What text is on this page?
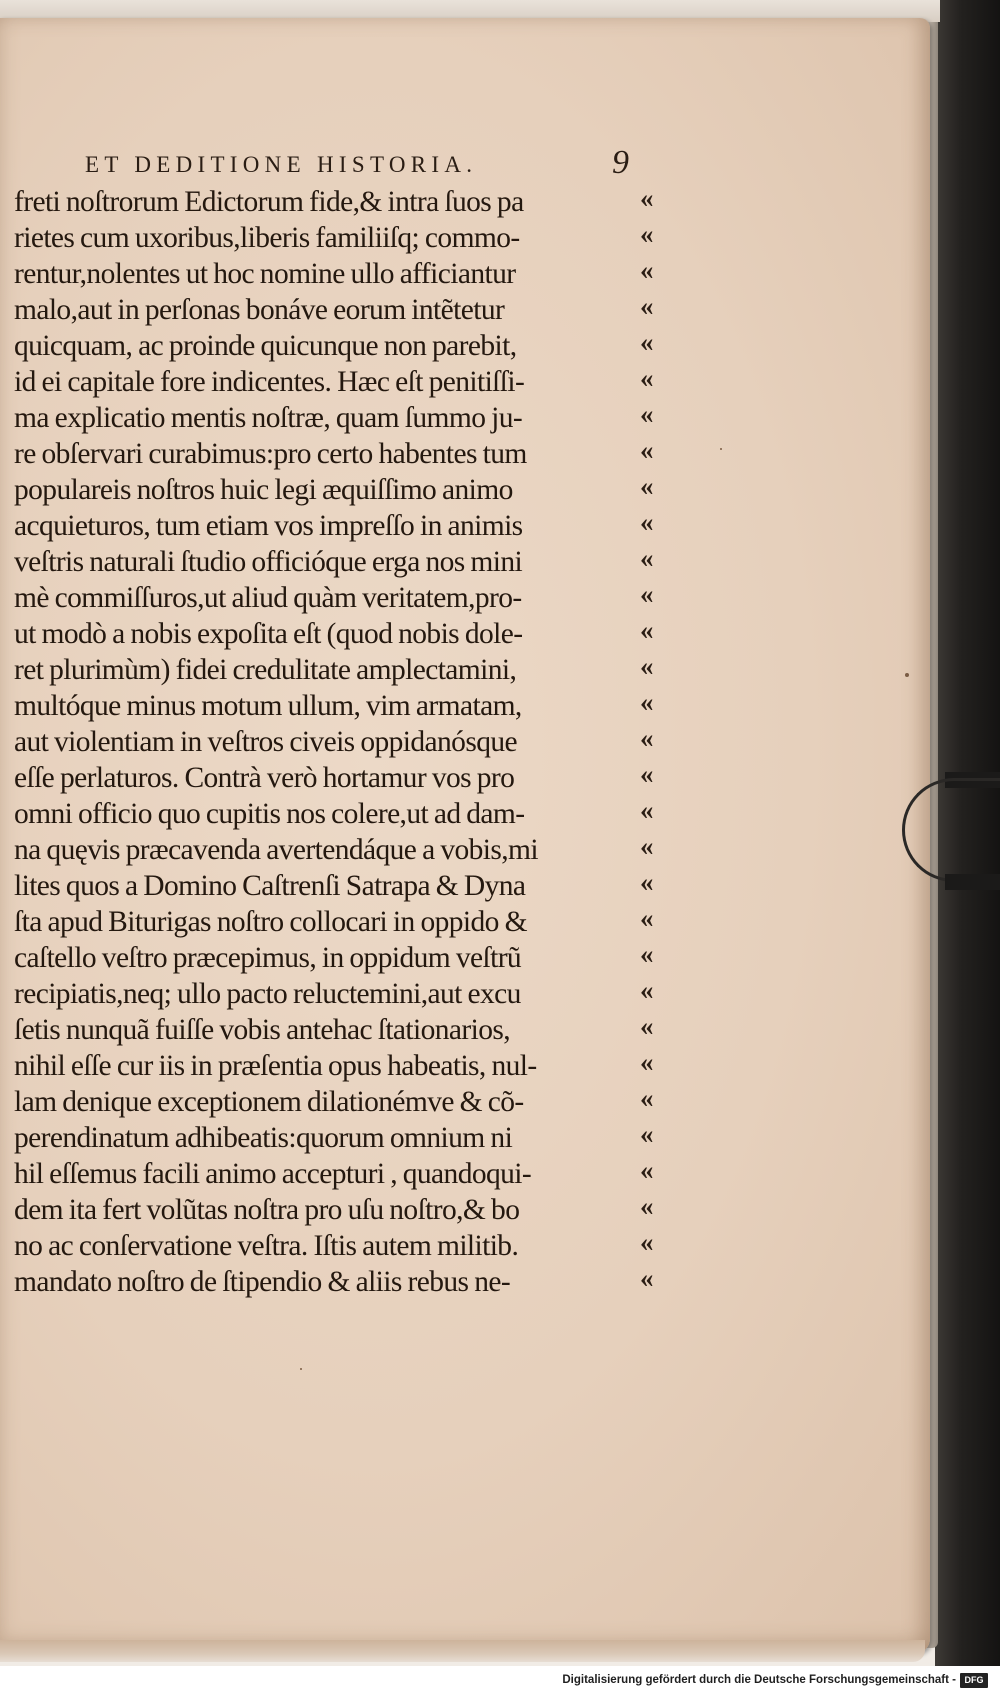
ET DEDITIONE HISTORIA.	9
freti noſtrorum Edictorum fide,& intra ſuos pa	«
rietes cum uxoribus,liberis familiiſq; commo-	«
rentur,nolentes ut hoc nomine ullo afficiantur	«
malo,aut in perſonas bonáve eorum intẽtetur	«
quicquam, ac proinde quicunque non parebit,	«
id ei capitale fore indicentes. Hæc eſt penitiſſi-	«
ma explicatio mentis noſtræ, quam ſummo ju-	«
re obſervari curabimus:pro certo habentes tum	«
populareis noſtros huic legi æquiſſimo animo	«
acquieturos, tum etiam vos impreſſo in animis	«
veſtris naturali ſtudio officióque erga nos mini	«
mè commiſſuros,ut aliud quàm veritatem,pro-	«
ut modò a nobis expoſita eſt (quod nobis dole-	«
ret plurimùm) fidei credulitate amplectamini,	«
multóque minus motum ullum, vim armatam,	«
aut violentiam in veſtros civeis oppidanósque	«
eſſe perlaturos. Contrà verò hortamur vos pro	«
omni officio quo cupitis nos colere,ut ad dam-	«
na quęvis præcavenda avertendáque a vobis,mi	«
lites quos a Domino Caſtrenſi Satrapa & Dyna	«
ſta apud Biturigas noſtro collocari in oppido &	«
caſtello veſtro præcepimus, in oppidum veſtrũ	«
recipiatis,neq; ullo pacto reluctemini,aut excu	«
ſetis nunquã fuiſſe vobis antehac ſtationarios,	«
nihil eſſe cur iis in præſentia opus habeatis, nul-	«
lam denique exceptionem dilationémve & cõ-	«
perendinatum adhibeatis:quorum omnium ni	«
hil eſſemus facili animo accepturi , quandoqui-	«
dem ita fert volũtas noſtra pro uſu noſtro,& bo	«
no ac conſervatione veſtra. Iſtis autem militib.	«
mandato noſtro de ſtipendio & aliis rebus ne-	«
Digitalisierung gefördert durch die Deutsche Forschungsgemeinschaft - DFG
